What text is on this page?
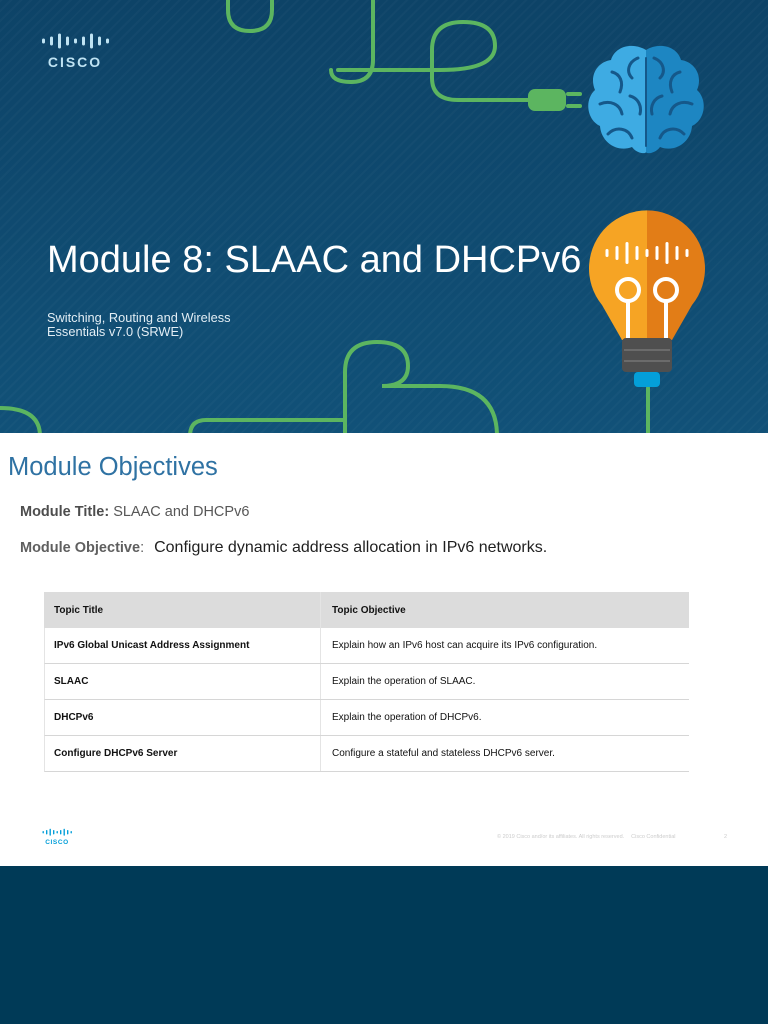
CISCO
Module 8: SLAAC and DHCPv6
Switching, Routing and Wireless
Essentials v7.0 (SRWE)
Module Objectives
Module Title: SLAAC and DHCPv6
Module Objective : Configure dynamic address allocation in IPv6 networks.
Topic Title	Topic Objective
IPv6 Global Unicast Address Assignment	Explain how an IPv6 host can acquire its IPv6 configuration.
SLAAC	Explain the operation of SLAAC.
DHCPv6	Explain the operation of DHCPv6.
Configure DHCPv6 Server	Configure a stateful and stateless DHCPv6 server.
CISCO
© 2019 Cisco and/or its affiliates. All rights reserved. Cisco Confidential	2
